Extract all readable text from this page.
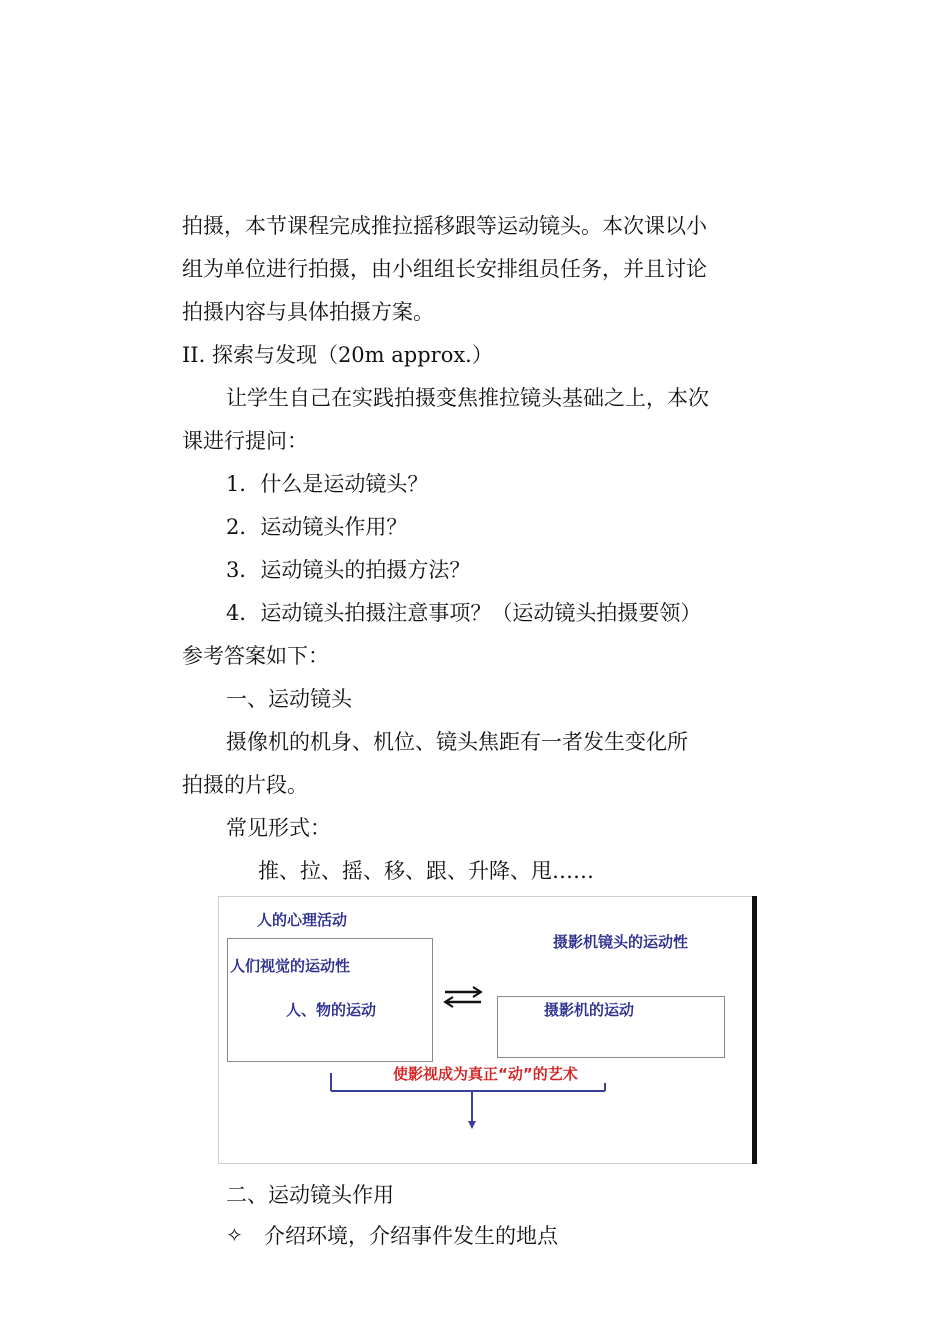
拍摄，本节课程完成推拉摇移跟等运动镜头。本次课以小
组为单位进行拍摄，由小组组长安排组员任务，并且讨论
拍摄内容与具体拍摄方案。
II. 探索与发现（20m approx.）
让学生自己在实践拍摄变焦推拉镜头基础之上，本次
课进行提问：
1．什么是运动镜头？
2．运动镜头作用？
3．运动镜头的拍摄方法？
4．运动镜头拍摄注意事项？（运动镜头拍摄要领）
参考答案如下：
一、运动镜头
摄像机的机身、机位、镜头焦距有一者发生变化所
拍摄的片段。
常见形式：
推、拉、摇、移、跟、升降、甩……
人的心理活动
人们视觉的运动性
人、物的运动
摄影机镜头的运动性
摄影机的运动
使影视成为真正“动”的艺术
二、运动镜头作用
✧ 介绍环境，介绍事件发生的地点
